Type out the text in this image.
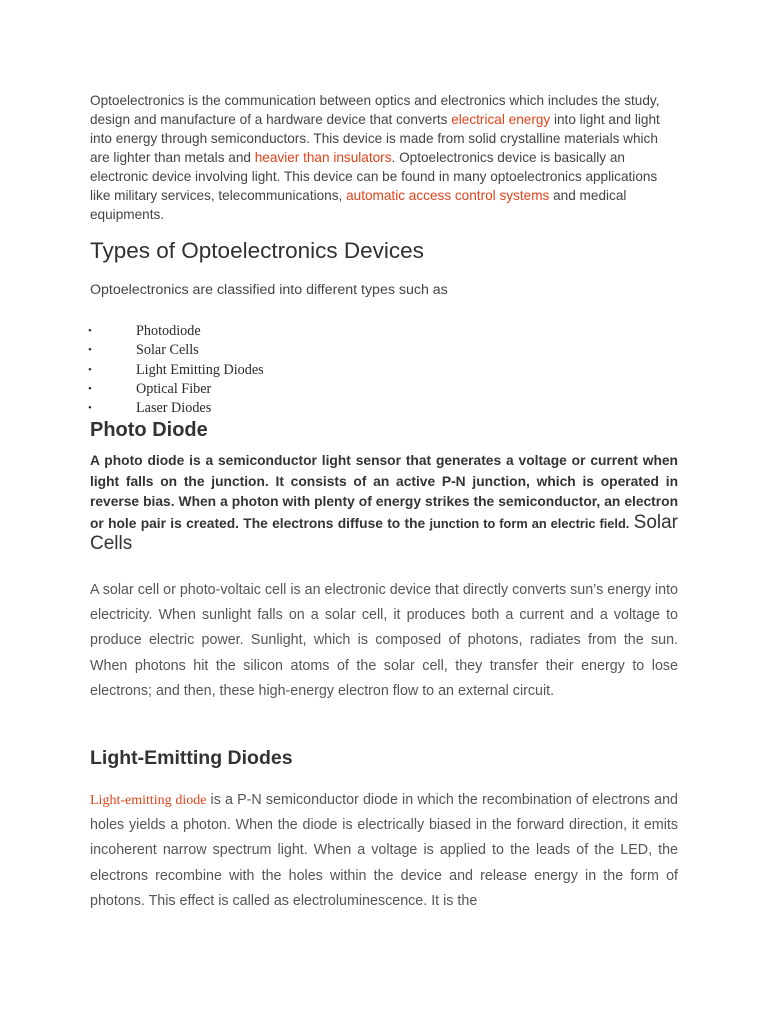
Optoelectronics is the communication between optics and electronics which includes the study, design and manufacture of a hardware device that converts electrical energy into light and light into energy through semiconductors. This device is made from solid crystalline materials which are lighter than metals and heavier than insulators. Optoelectronics device is basically an electronic device involving light. This device can be found in many optoelectronics applications like military services, telecommunications, automatic access control systems and medical equipments.

Types of Optoelectronics Devices

Optoelectronics are classified into different types such as

•	Photodiode
•	Solar Cells
•	Light Emitting Diodes
•	Optical Fiber
•	Laser Diodes
Photo Diode

A photo diode is a semiconductor light sensor that generates a voltage or current when light falls on the junction. It consists of an active P-N junction, which is operated in reverse bias. When a photon with plenty of energy strikes the semiconductor, an electron or hole pair is created. The electrons diffuse to the junction to form an electric field. Solar Cells

A solar cell or photo-voltaic cell is an electronic device that directly converts sun’s energy into electricity. When sunlight falls on a solar cell, it produces both a current and a voltage to produce electric power. Sunlight, which is composed of photons, radiates from the sun. When photons hit the silicon atoms of the solar cell, they transfer their energy to lose electrons; and then, these high-energy electron flow to an external circuit.

Light-Emitting Diodes

Light-emitting diode is a P-N semiconductor diode in which the recombination of electrons and holes yields a photon. When the diode is electrically biased in the forward direction, it emits incoherent narrow spectrum light. When a voltage is applied to the leads of the LED, the electrons recombine with the holes within the device and release energy in the form of photons. This effect is called as electroluminescence. It is the
